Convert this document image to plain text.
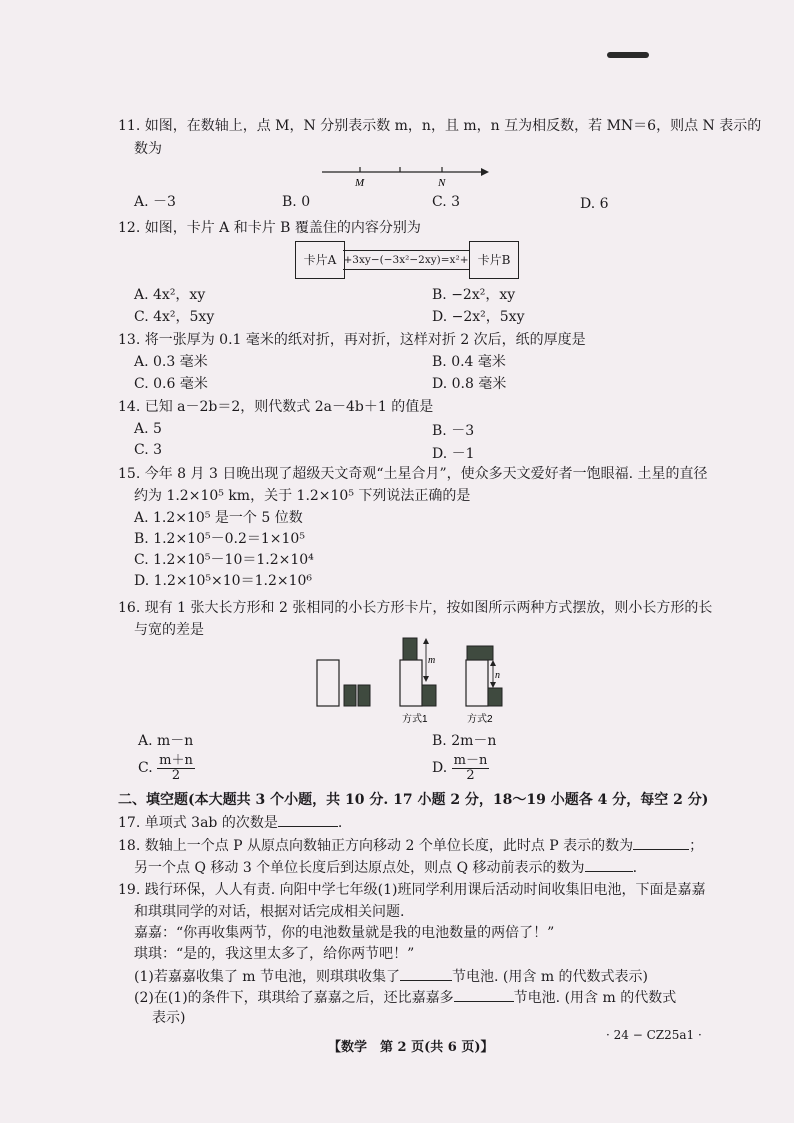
11. 如图，在数轴上，点 M，N 分别表示数 m，n，且 m，n 互为相反数，若 MN＝6，则点 N 表示的
数为
M	N
A. －3	B. 0	C. 3	D. 6
12. 如图，卡片 A 和卡片 B 覆盖住的内容分别为
卡片A +3xy−(−3x²−2xy)=x²+ 卡片B
A. 4x²，xy	B. −2x²，xy
C. 4x²，5xy	D. −2x²，5xy
13. 将一张厚为 0.1 毫米的纸对折，再对折，这样对折 2 次后，纸的厚度是
A. 0.3 毫米	B. 0.4 毫米
C. 0.6 毫米	D. 0.8 毫米
14. 已知 a－2b＝2，则代数式 2a－4b＋1 的值是
A. 5	B. －3
C. 3	D. －1
15. 今年 8 月 3 日晚出现了超级天文奇观“土星合月”，使众多天文爱好者一饱眼福. 土星的直径
约为 1.2×10⁵ km，关于 1.2×10⁵ 下列说法正确的是
A. 1.2×10⁵ 是一个 5 位数
B. 1.2×10⁵－0.2＝1×10⁵
C. 1.2×10⁵－10＝1.2×10⁴
D. 1.2×10⁵×10＝1.2×10⁶
16. 现有 1 张大长方形和 2 张相同的小长方形卡片，按如图所示两种方式摆放，则小长方形的长
与宽的差是
m
n
方式1	方式2
A. m－n	B. 2m－n
C. $\frac{m+n}{2}$	D. $\frac{m-n}{2}$
二、填空题(本大题共 3 个小题，共 10 分. 17 小题 2 分，18～19 小题各 4 分，每空 2 分)
17. 单项式 3ab 的次数是	.
18. 数轴上一个点 P 从原点向数轴正方向移动 2 个单位长度，此时点 P 表示的数为	；
另一个点 Q 移动 3 个单位长度后到达原点处，则点 Q 移动前表示的数为	.
19. 践行环保，人人有责. 向阳中学七年级(1)班同学利用课后活动时间收集旧电池，下面是嘉嘉
和琪琪同学的对话，根据对话完成相关问题.
嘉嘉：“你再收集两节，你的电池数量就是我的电池数量的两倍了！”
琪琪：“是的，我这里太多了，给你两节吧！”
(1)若嘉嘉收集了 m 节电池，则琪琪收集了	节电池. (用含 m 的代数式表示)
(2)在(1)的条件下，琪琪给了嘉嘉之后，还比嘉嘉多	节电池. (用含 m 的代数式
表示)
【数学　第 2 页(共 6 页)】
· 24 − CZ25a1 ·
